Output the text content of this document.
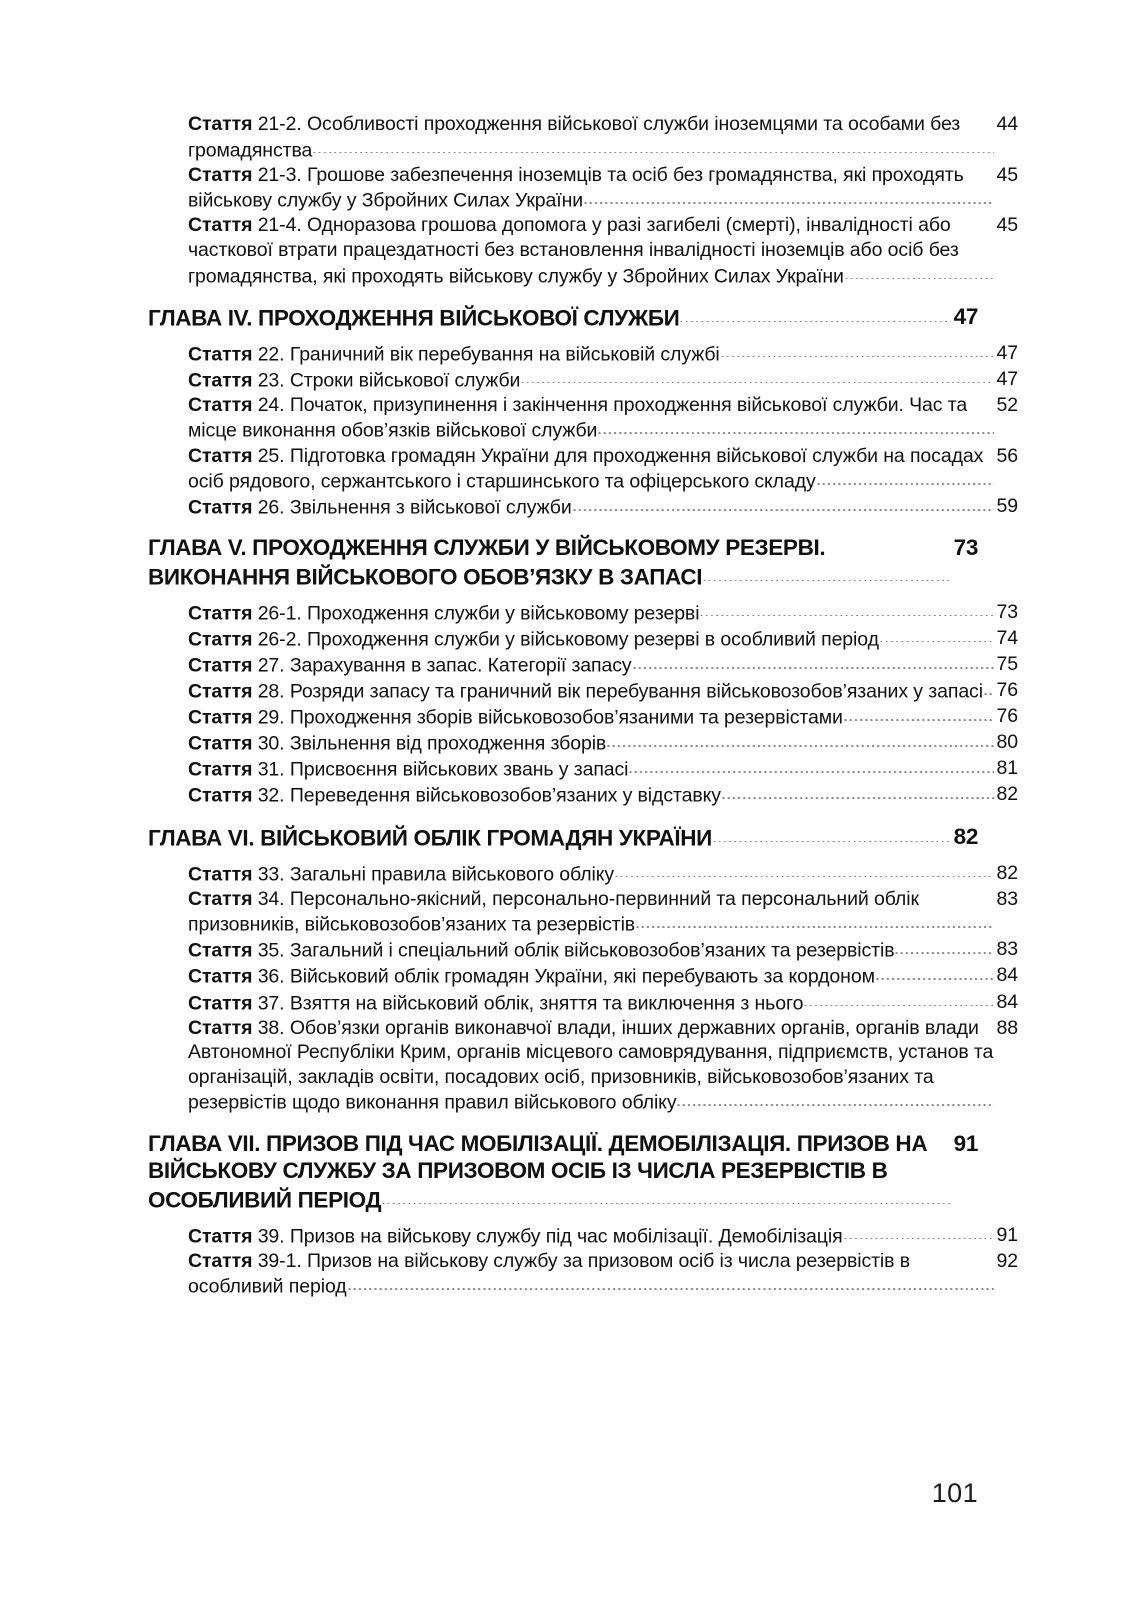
44
Стаття 21-2. Особливості проходження військової служби іноземцями та особами без громадянства
45
Стаття 21-3. Грошове забезпечення іноземців та осіб без громадянства, які проходять військову службу у Збройних Силах України
45
Стаття 21-4. Одноразова грошова допомога у разі загибелі (смерті), інвалідності або часткової втрати працездатності без встановлення інвалідності іноземців або осіб без громадянства, які проходять військову службу у Збройних Силах України
47
ГЛАВА IV. ПРОХОДЖЕННЯ ВІЙСЬКОВОЇ СЛУЖБИ
47
Стаття 22. Граничний вік перебування на військовій службі
47
Стаття 23. Строки військової служби
52
Стаття 24. Початок, призупинення і закінчення проходження військової служби. Час та місце виконання обов’язків військової служби
56
Стаття 25. Підготовка громадян України для проходження військової служби на посадах осіб рядового, сержантського і старшинського та офіцерського складу
59
Стаття 26. Звільнення з військової служби
73
ГЛАВА V. ПРОХОДЖЕННЯ СЛУЖБИ У ВІЙСЬКОВОМУ РЕЗЕРВІ. ВИКОНАННЯ ВІЙСЬКОВОГО ОБОВ’ЯЗКУ В ЗАПАСІ
73
Стаття 26-1. Проходження служби у військовому резерві
74
Стаття 26-2. Проходження служби у військовому резерві в особливий період
75
Стаття 27. Зарахування в запас. Категорії запасу
76
Стаття 28. Розряди запасу та граничний вік перебування військовозобов’язаних у запасі
76
Стаття 29. Проходження зборів військовозобов’язаними та резервістами
80
Стаття 30. Звільнення від проходження зборів
81
Стаття 31. Присвоєння військових звань у запасі
82
Стаття 32. Переведення військовозобов’язаних у відставку
82
ГЛАВА VI. ВІЙСЬКОВИЙ ОБЛІК ГРОМАДЯН УКРАЇНИ
82
Стаття 33. Загальні правила військового обліку
83
Стаття 34. Персонально-якісний, персонально-первинний та персональний облік призовників, військовозобов’язаних та резервістів
83
Стаття 35. Загальний і спеціальний облік військовозобов’язаних та резервістів
84
Стаття 36. Військовий облік громадян України, які перебувають за кордоном
84
Стаття 37. Взяття на військовий облік, зняття та виключення з нього
88
Стаття 38. Обов’язки органів виконавчої влади, інших державних органів, органів влади Автономної Республіки Крим, органів місцевого самоврядування, підприємств, установ та організацій, закладів освіти, посадових осіб, призовників, військовозобов’язаних та резервістів щодо виконання правил військового обліку
91
ГЛАВА VII. ПРИЗОВ ПІД ЧАС МОБІЛІЗАЦІЇ. ДЕМОБІЛІЗАЦІЯ. ПРИЗОВ НА ВІЙСЬКОВУ СЛУЖБУ ЗА ПРИЗОВОМ ОСІБ ІЗ ЧИСЛА РЕЗЕРВІСТІВ В ОСОБЛИВИЙ ПЕРІОД
91
Стаття 39. Призов на військову службу під час мобілізації. Демобілізація
92
Стаття 39-1. Призов на військову службу за призовом осіб із числа резервістів в особливий період
101
